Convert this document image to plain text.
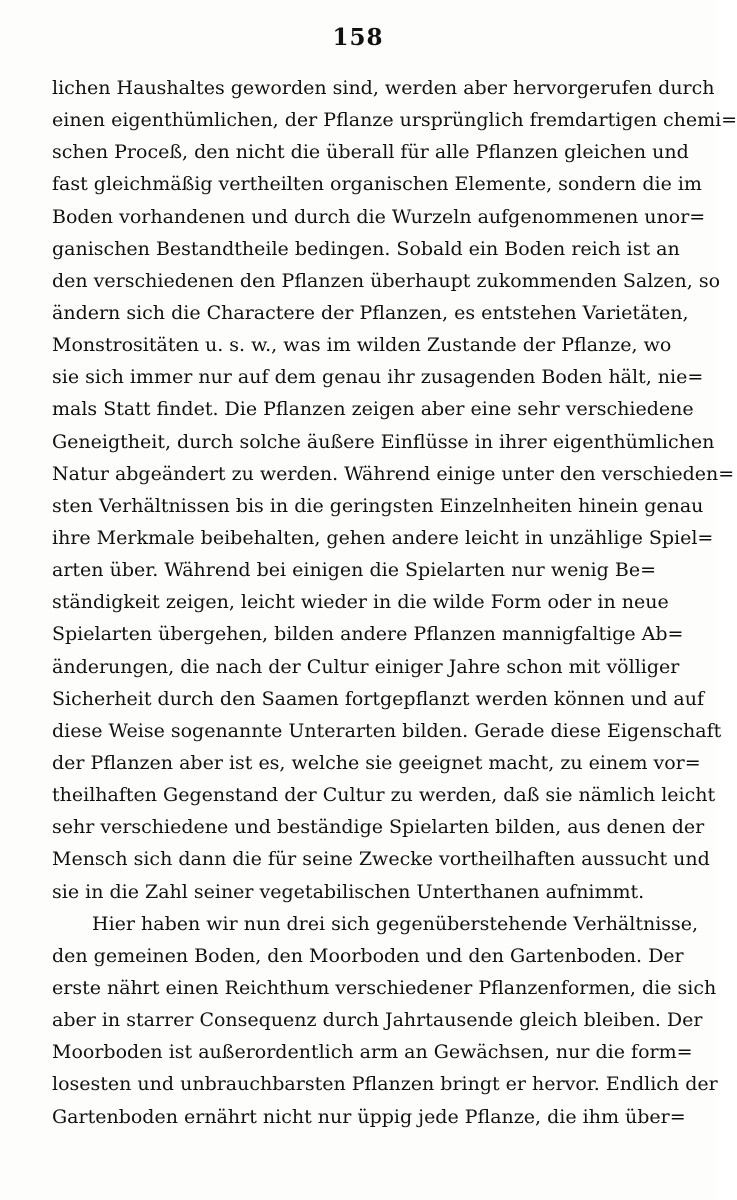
158
lichen Haushaltes geworden sind, werden aber hervorgerufen durch
einen eigenthümlichen, der Pflanze ursprünglich fremdartigen chemi=
schen Proceß, den nicht die überall für alle Pflanzen gleichen und
fast gleichmäßig vertheilten organischen Elemente, sondern die im
Boden vorhandenen und durch die Wurzeln aufgenommenen unor=
ganischen Bestandtheile bedingen. Sobald ein Boden reich ist an
den verschiedenen den Pflanzen überhaupt zukommenden Salzen, so
ändern sich die Charactere der Pflanzen, es entstehen Varietäten,
Monstrositäten u. s. w., was im wilden Zustande der Pflanze, wo
sie sich immer nur auf dem genau ihr zusagenden Boden hält, nie=
mals Statt findet. Die Pflanzen zeigen aber eine sehr verschiedene
Geneigtheit, durch solche äußere Einflüsse in ihrer eigenthümlichen
Natur abgeändert zu werden. Während einige unter den verschieden=
sten Verhältnissen bis in die geringsten Einzelnheiten hinein genau
ihre Merkmale beibehalten, gehen andere leicht in unzählige Spiel=
arten über. Während bei einigen die Spielarten nur wenig Be=
ständigkeit zeigen, leicht wieder in die wilde Form oder in neue
Spielarten übergehen, bilden andere Pflanzen mannigfaltige Ab=
änderungen, die nach der Cultur einiger Jahre schon mit völliger
Sicherheit durch den Saamen fortgepflanzt werden können und auf
diese Weise sogenannte Unterarten bilden. Gerade diese Eigenschaft
der Pflanzen aber ist es, welche sie geeignet macht, zu einem vor=
theilhaften Gegenstand der Cultur zu werden, daß sie nämlich leicht
sehr verschiedene und beständige Spielarten bilden, aus denen der
Mensch sich dann die für seine Zwecke vortheilhaften aussucht und
sie in die Zahl seiner vegetabilischen Unterthanen aufnimmt.
Hier haben wir nun drei sich gegenüberstehende Verhältnisse,
den gemeinen Boden, den Moorboden und den Gartenboden. Der
erste nährt einen Reichthum verschiedener Pflanzenformen, die sich
aber in starrer Consequenz durch Jahrtausende gleich bleiben. Der
Moorboden ist außerordentlich arm an Gewächsen, nur die form=
losesten und unbrauchbarsten Pflanzen bringt er hervor. Endlich der
Gartenboden ernährt nicht nur üppig jede Pflanze, die ihm über=
